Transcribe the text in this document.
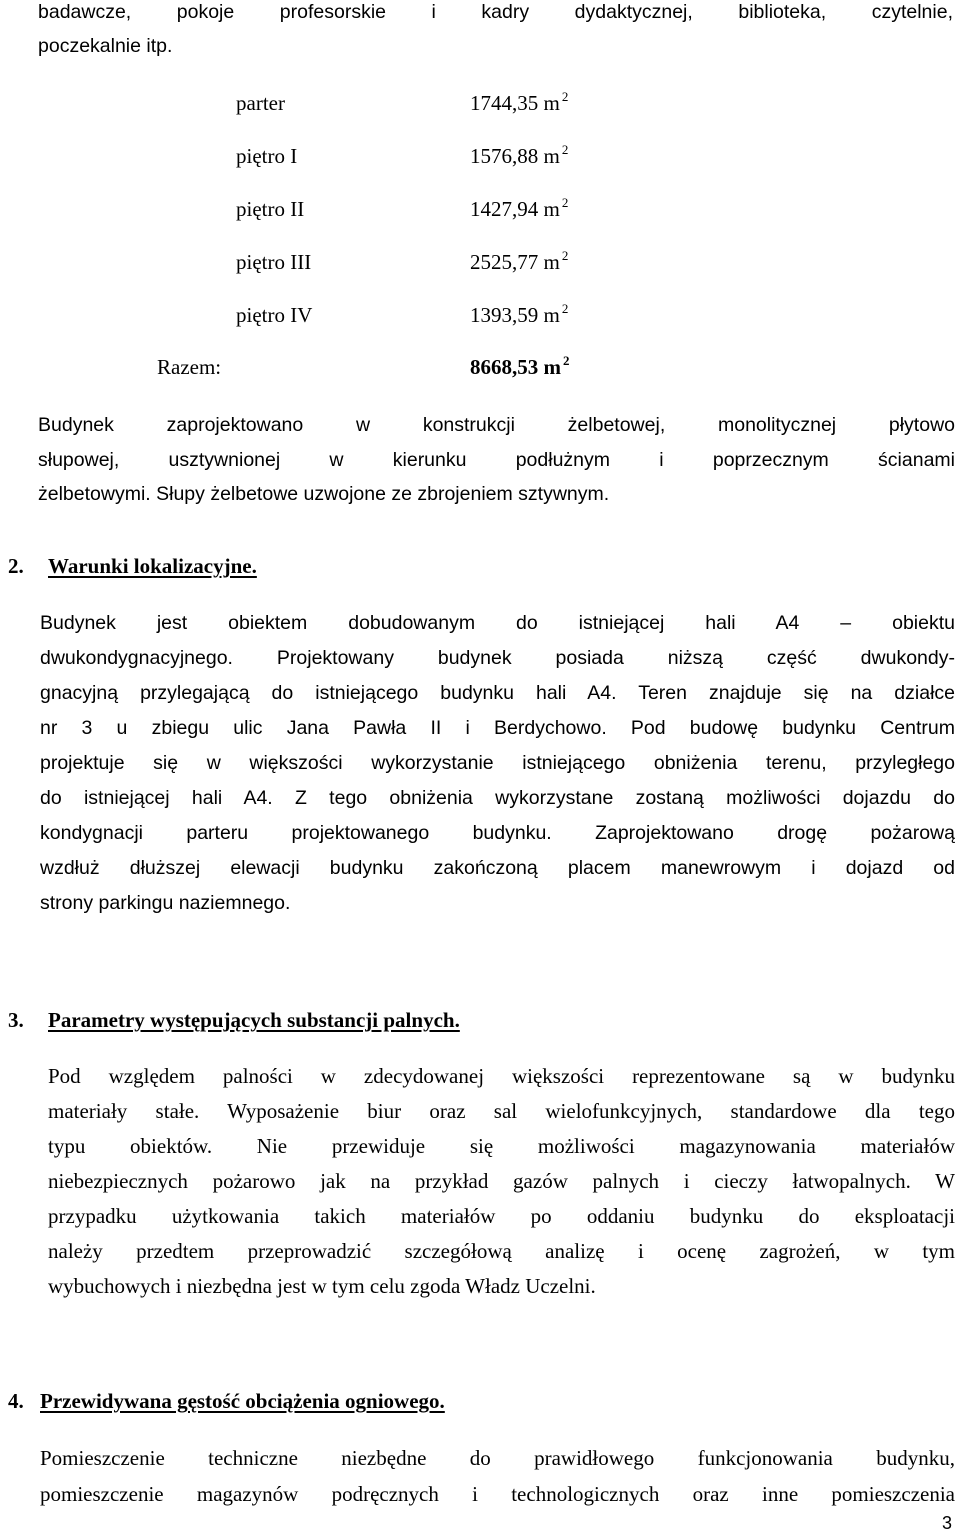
badawcze, pokoje profesorskie i kadry dydaktycznej, biblioteka, czytelnie,
poczekalnie itp.
parter	1744,35 m $^2$
piętro I	1576,88 m $^2$
piętro II	1427,94 m $^2$
piętro III	2525,77 m $^2$
piętro IV	1393,59 m $^2$
Razem:	8668,53 m $^2$
Budynek zaprojektowano w konstrukcji żelbetowej, monolitycznej płytowo
słupowej, usztywnionej w kierunku podłużnym i poprzecznym ścianami
żelbetowymi. Słupy żelbetowe uzwojone ze zbrojeniem sztywnym.
2. Warunki lokalizacyjne.
Budynek jest obiektem dobudowanym do istniejącej hali A4 – obiektu
dwukondygnacyjnego. Projektowany budynek posiada niższą część dwukondy-
gnacyjną przylegającą do istniejącego budynku hali A4. Teren znajduje się na działce
nr 3 u zbiegu ulic Jana Pawła II i Berdychowo. Pod budowę budynku Centrum
projektuje się w większości wykorzystanie istniejącego obniżenia terenu, przyległego
do istniejącej hali A4. Z tego obniżenia wykorzystane zostaną możliwości dojazdu do
kondygnacji parteru projektowanego budynku. Zaprojektowano drogę pożarową
wzdłuż dłuższej elewacji budynku zakończoną placem manewrowym i dojazd od
strony parkingu naziemnego.
3. Parametry występujących substancji palnych.
Pod względem palności w zdecydowanej większości reprezentowane są w budynku
materiały stałe. Wyposażenie biur oraz sal wielofunkcyjnych, standardowe dla tego
typu obiektów. Nie przewiduje się możliwości magazynowania materiałów
niebezpiecznych pożarowo jak na przykład gazów palnych i cieczy łatwopalnych. W
przypadku użytkowania takich materiałów po oddaniu budynku do eksploatacji
należy przedtem przeprowadzić szczegółową analizę i ocenę zagrożeń, w tym
wybuchowych i niezbędna jest w tym celu zgoda Władz Uczelni.
4. Przewidywana gęstość obciążenia ogniowego.
Pomieszczenie techniczne niezbędne do prawidłowego funkcjonowania budynku,
pomieszczenie magazynów podręcznych i technologicznych oraz inne pomieszczenia
3
